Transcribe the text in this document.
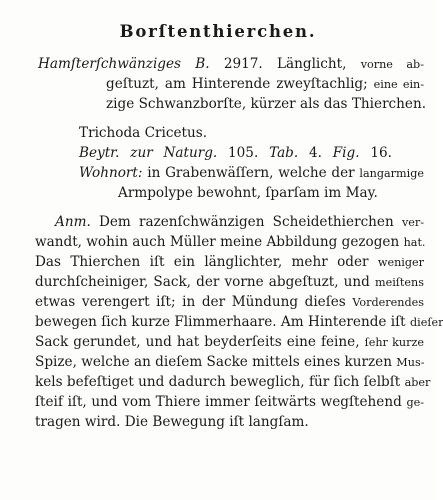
Borſtenthierchen.
Hamſterſchwänziges B. 2917. Länglicht, vorne ab-
geſtuzt, am Hinterende zweyſtachlig; eine ein-
zige Schwanzborſte, kürzer als das Thierchen.
Trichoda Cricetus.
Beytr. zur Naturg. 105. Tab. 4. Fig. 16.
Wohnort: in Grabenwäſſern, welche der langarmige
Armpolype bewohnt, ſparſam im May.
Anm. Dem razenſchwänzigen Scheidethierchen ver-
wandt, wohin auch Müller meine Abbildung gezogen hat.
Das Thierchen iſt ein länglichter, mehr oder weniger
durchſcheiniger, Sack, der vorne abgeſtuzt, und meiſtens
etwas verengert iſt; in der Mündung dieſes Vorderendes
bewegen ſich kurze Flimmerhaare. Am Hinterende iſt dieſer
Sack gerundet, und hat beyderſeits eine feine, ſehr kurze
Spize, welche an dieſem Sacke mittels eines kurzen Mus-
kels befeſtiget und dadurch beweglich, für ſich ſelbſt aber
ſteif iſt, und vom Thiere immer ſeitwärts wegſtehend ge-
tragen wird. Die Bewegung iſt langſam.
